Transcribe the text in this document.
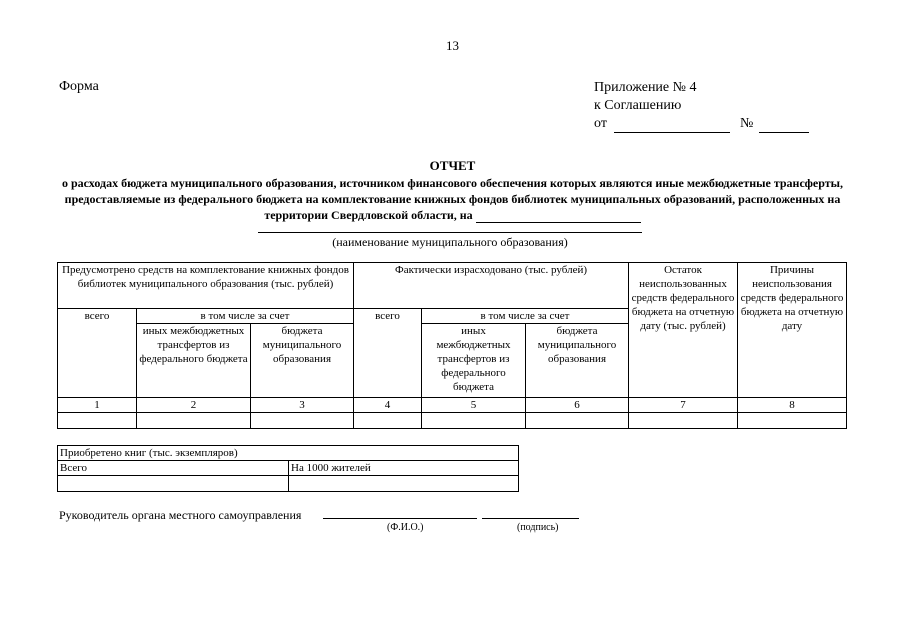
13
Форма	Приложение № 4
к Соглашению
от	№
ОТЧЕТ
о расходах бюджета муниципального образования, источником финансового обеспечения которых являются иные межбюджетные трансферты, предоставляемые из федерального бюджета на комплектование книжных фондов библиотек муниципальных образований, расположенных на территории Свердловской области, на
(наименование муниципального образования)
Предусмотрено средств на комплектование книжных фондов библиотек муниципального образования (тыс. рублей)			Фактически израсходовано (тыс. рублей)			Остаток неиспользованных средств федерального бюджета на отчетную дату (тыс. рублей)	Причины неиспользования средств федерального бюджета на отчетную дату
всего	в том числе за счет		всего	в том числе за счет			
	иных межбюджетных трансфертов из федерального бюджета	бюджета муниципального образования		иных межбюджетных трансфертов из федерального бюджета	бюджета муниципального образования		
1	2	3	4	5	6	7	8

Приобретено книг (тыс. экземпляров)	
Всего	На 1000 жителей

Руководитель органа местного самоуправления
(Ф.И.О.)	(подпись)
